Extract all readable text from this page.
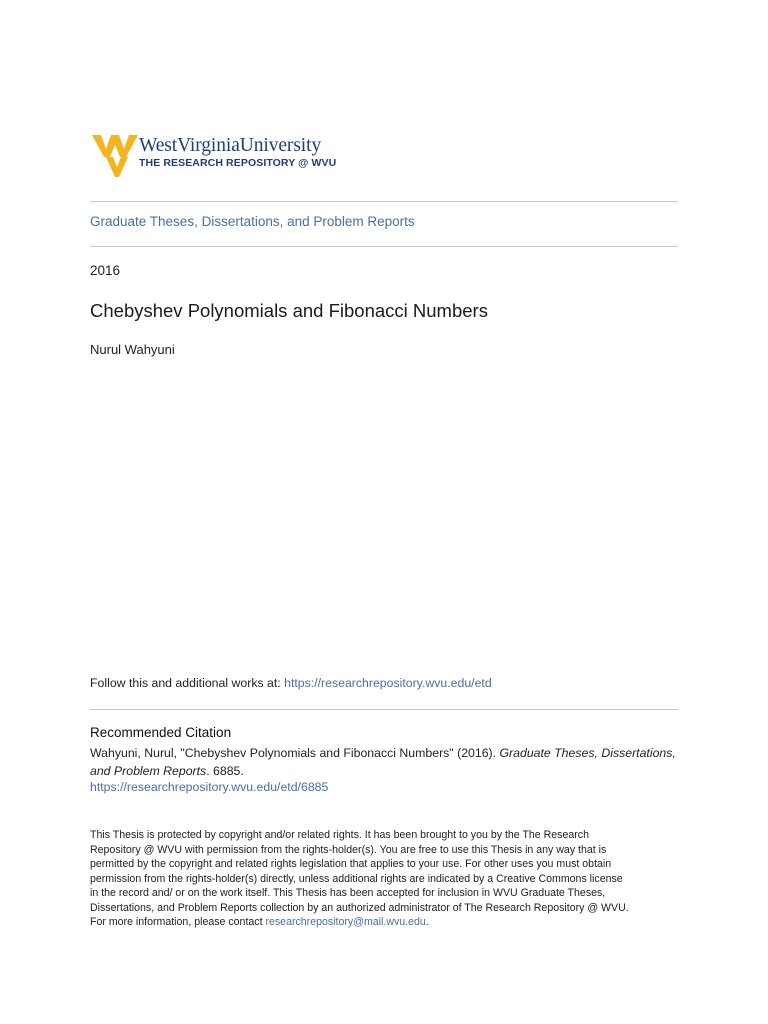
WestVirginiaUniversity
THE RESEARCH REPOSITORY @ WVU
Graduate Theses, Dissertations, and Problem Reports
2016
Chebyshev Polynomials and Fibonacci Numbers
Nurul Wahyuni
Follow this and additional works at: https://researchrepository.wvu.edu/etd
Recommended Citation
Wahyuni, Nurul, "Chebyshev Polynomials and Fibonacci Numbers" (2016). Graduate Theses, Dissertations, and Problem Reports. 6885.
https://researchrepository.wvu.edu/etd/6885
This Thesis is protected by copyright and/or related rights. It has been brought to you by the The Research
Repository @ WVU with permission from the rights-holder(s). You are free to use this Thesis in any way that is
permitted by the copyright and related rights legislation that applies to your use. For other uses you must obtain
permission from the rights-holder(s) directly, unless additional rights are indicated by a Creative Commons license
in the record and/ or on the work itself. This Thesis has been accepted for inclusion in WVU Graduate Theses,
Dissertations, and Problem Reports collection by an authorized administrator of The Research Repository @ WVU.
For more information, please contact researchrepository@mail.wvu.edu.
